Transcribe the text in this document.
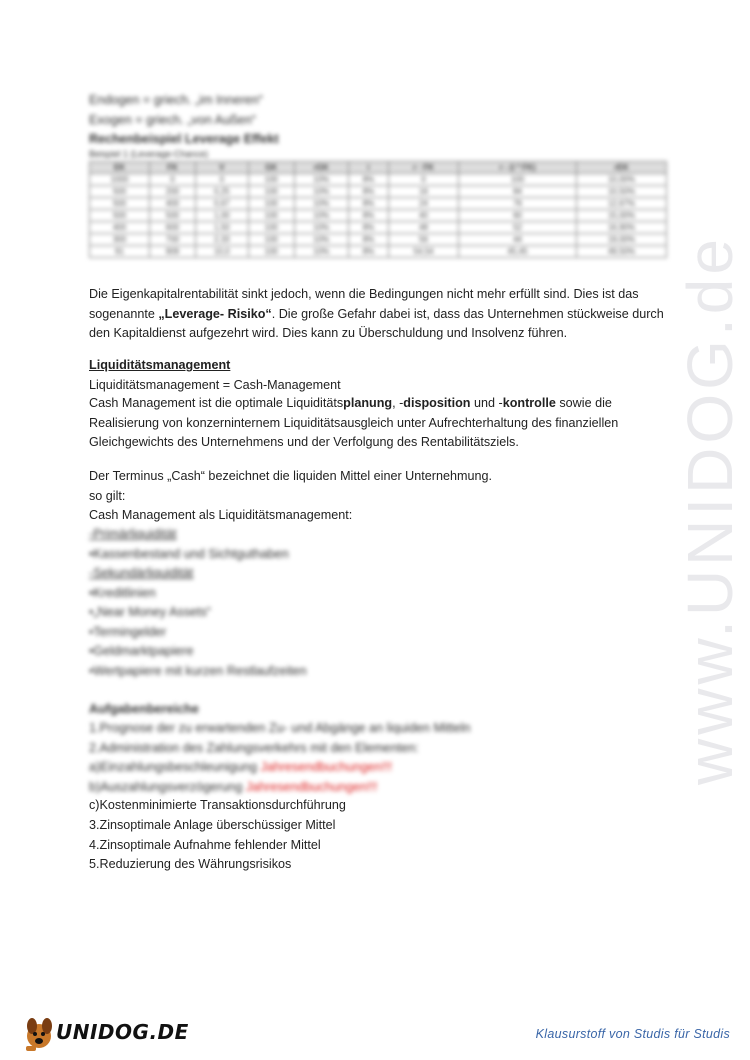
Endogen = griech. „im Inneren“
Exogen = griech. „von Außen“
Rechenbeispiel Leverage Effekt
Beispiel 1 (Leverage-Chance)
EK	FK	V	GK	rGK	i	r · FK	r - (i * FK)	rEK
1000	0	0	100	10%	8%	0	100	10,00%
500	200	0,25	100	10%	8%	16	84	10,50%
500	400	0,67	100	10%	8%	24	76	12,67%
500	500	1,00	100	10%	8%	40	60	15,00%
400	600	1,50	100	10%	8%	48	52	16,90%
300	700	2,33	100	10%	8%	56	44	19,00%
91	909	10,0	100	10%	8%	54,54	45,45	49,50%
Die Eigenkapitalrentabilität sinkt jedoch, wenn die Bedingungen nicht mehr erfüllt sind. Dies ist das sogenannte „Leverage- Risiko“. Die große Gefahr dabei ist, dass das Unternehmen stückweise durch den Kapitaldienst aufgezehrt wird. Dies kann zu Überschuldung und Insolvenz führen.
Liquiditätsmanagement
Liquiditätsmanagement = Cash-Management
Cash Management ist die optimale Liquiditätsplanung, -disposition und -kontrolle sowie die Realisierung von konzerninternem Liquiditätsausgleich unter Aufrechterhaltung des finanziellen Gleichgewichts des Unternehmens und der Verfolgung des Rentabilitätsziels.
Der Terminus „Cash“ bezeichnet die liquiden Mittel einer Unternehmung.
so gilt:
Cash Management als Liquiditätsmanagement:
-Primärliquidität
•Kassenbestand und Sichtguthaben
-Sekundärliquidität
•Kreditlinien
•„Near Money Assets“
•Termingelder
•Geldmarktpapiere
•Wertpapiere mit kurzen Restlaufzeiten
Aufgabenbereiche
1.Prognose der zu erwartenden Zu- und Abgänge an liquiden Mitteln
2.Administration des Zahlungsverkehrs mit den Elementen:
a)Einzahlungsbeschleunigung Jahresendbuchungen!!!
b)Auszahlungsverzögerung Jahresendbuchungen!!!
c)Kostenminimierte Transaktionsdurchführung
3.Zinsoptimale Anlage überschüssiger Mittel
4.Zinsoptimale Aufnahme fehlender Mittel
5.Reduzierung des Währungsrisikos
www.UNIDOG.de
UNIDOG.DE	Klausurstoff von Studis für Studis
